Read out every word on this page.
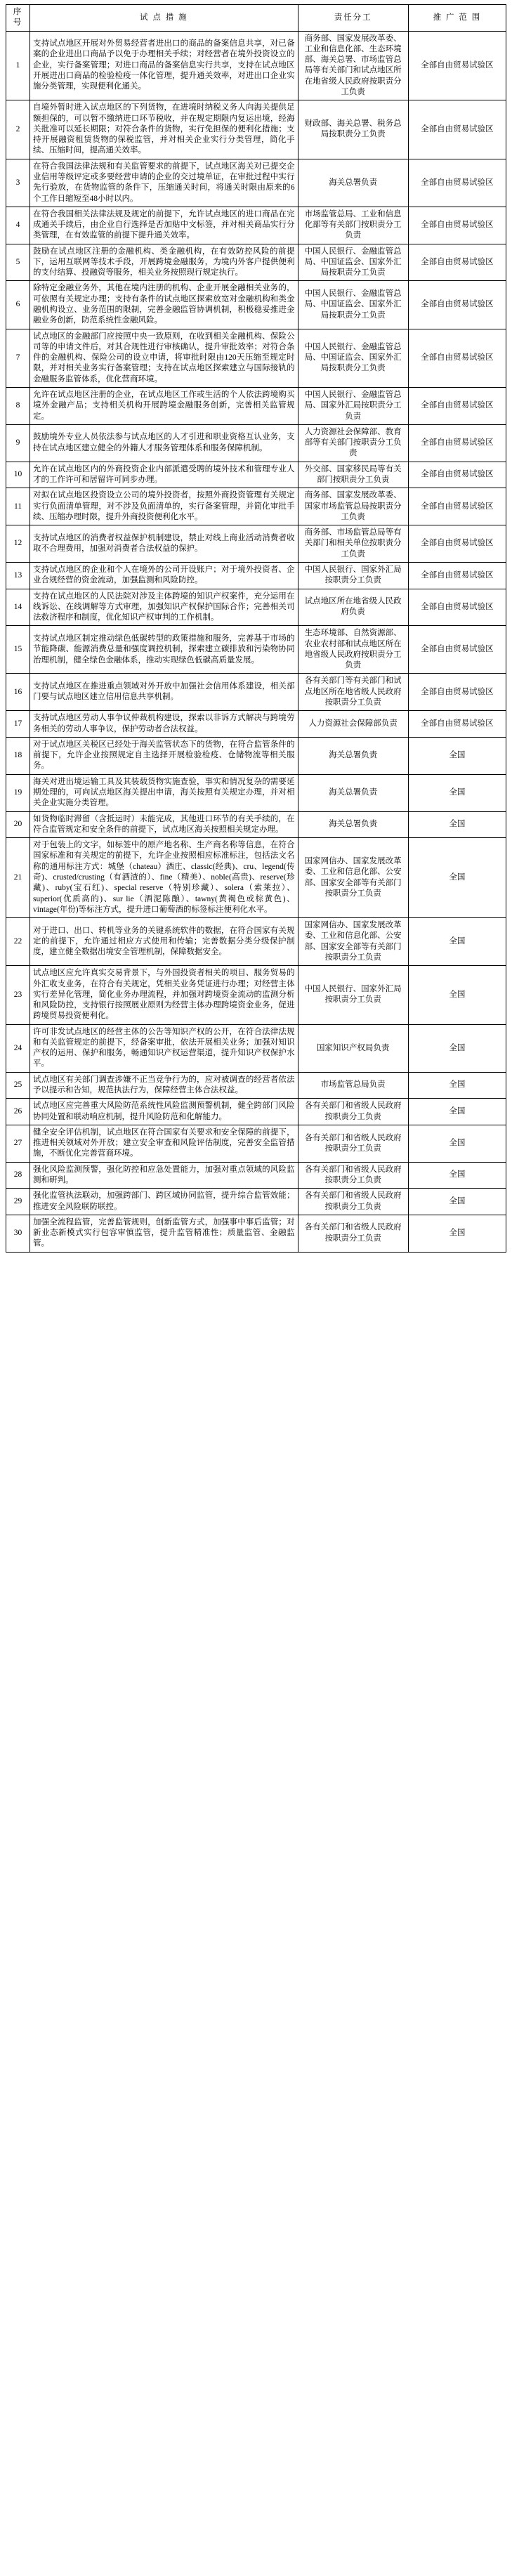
序号	试 点 措 施	责任分工	推 广 范 围
1	支持试点地区开展对外贸易经营者进出口的商品的备案信息共享，对已备案的企业进出口商品予以免于办理相关手续；对经营者在境外投资设立的企业，实行备案管理；对进口商品的备案信息实行共享，支持在试点地区开展进出口商品的检验检疫一体化管理，提升通关效率，对进出口企业实施分类管理，实现便利化通关。	商务部、国家发展改革委、工业和信息化部、生态环境部、海关总署、市场监管总局等有关部门和试点地区所在地省级人民政府按职责分工负责	全部自由贸易试验区
2	自境外暂时进入试点地区的下列货物，在进境时纳税义务人向海关提供足额担保的，可以暂不缴纳进口环节税收，并在规定期限内复运出境，经海关批准可以延长期限；对符合条件的货物，实行免担保的便利化措施；支持开展融资租赁货物的保税监管，并对相关企业实行分类管理，简化手续、压缩时间，提高通关效率。	财政部、海关总署、税务总局按职责分工负责	全部自由贸易试验区
3	在符合我国法律法规和有关监管要求的前提下，试点地区海关对已提交企业信用等级评定或多要经营申请的企业的交过境单证，在审批过程中实行先行验放，在货物监管的条件下，压缩通关时间，将通关时限由原来的6个工作日缩短至48小时以内。	海关总署负责	全部自由贸易试验区
4	在符合我国相关法律法规及规定的前提下，允许试点地区的进口商品在完成通关手续后，由企业自行选择是否加贴中文标签，并对相关商品实行分类管理，在有效监管的前提下提升通关效率。	市场监管总局、工业和信息化部等有关部门按职责分工负责	全部自由贸易试验区
5	鼓励在试点地区注册的金融机构、类金融机构，在有效防控风险的前提下，运用互联网等技术手段，开展跨境金融服务，为境内外客户提供便利的支付结算、投融资等服务，相关业务按照现行规定执行。	中国人民银行、金融监管总局、中国证监会、国家外汇局按职责分工负责	全部自由贸易试验区
6	除特定金融业务外，其他在境内注册的机构、企业开展金融相关业务的，可依照有关规定办理；支持有条件的试点地区探索放宽对金融机构和类金融机构设立、业务范围的限制，完善金融监管协调机制，积极稳妥推进金融业务创新，防范系统性金融风险。	中国人民银行、金融监管总局、中国证监会、国家外汇局按职责分工负责	全部自由贸易试验区
7	试点地区的金融部门应按照中央一致原则，在收到相关金融机构、保险公司等的申请文件后，对其合规性进行审核确认，提升审批效率；对符合条件的金融机构、保险公司的设立申请，将审批时限由120天压缩至规定时限，并对相关业务实行备案管理；支持在试点地区探索建立与国际接轨的金融服务监管体系，优化营商环境。	中国人民银行、金融监管总局、中国证监会、国家外汇局按职责分工负责	全部自由贸易试验区
8	允许在试点地区注册的企业，在试点地区工作或生活的个人依法跨境购买境外金融产品；支持相关机构开展跨境金融服务创新，完善相关监管规定。	中国人民银行、金融监管总局、国家外汇局按职责分工负责	全部自由贸易试验区
9	鼓励境外专业人员依法参与试点地区的人才引进和职业资格互认业务，支持在试点地区建立健全的外籍人才服务管理体系和服务保障机制。	人力资源社会保障部、教育部等有关部门按职责分工负责	全部自由贸易试验区
10	允许在试点地区内的外商投资企业内部派遣受聘的境外技术和管理专业人才的工作许可和居留许可同步办理。	外交部、国家移民局等有关部门按职责分工负责	全部自由贸易试验区
11	对拟在试点地区投资设立公司的境外投资者，按照外商投资管理有关规定实行负面清单管理，对不涉及负面清单的，实行备案管理，并简化审批手续、压缩办理时限，提升外商投资便利化水平。	商务部、国家发展改革委、国家市场监管总局按职责分工负责	全部自由贸易试验区
12	支持试点地区的消费者权益保护机制建设，禁止对线上商业活动消费者收取不合理费用，加强对消费者合法权益的保护。	商务部、市场监管总局等有关部门和相关单位按职责分工负责	全部自由贸易试验区
13	支持试点地区的企业和个人在境外的公司开设账户；对于境外投资者、企业合规经营的资金流动，加强监测和风险防控。	中国人民银行、国家外汇局按职责分工负责	全部自由贸易试验区
14	支持在试点地区的人民法院对涉及主体跨境的知识产权案件，充分运用在线诉讼、在线调解等方式审理，加强知识产权保护国际合作；完善相关司法救济程序和制度，优化知识产权审判的工作机制。	试点地区所在地省级人民政府负责	全部自由贸易试验区
15	支持试点地区制定推动绿色低碳转型的政策措施和服务，完善基于市场的节能降碳、能源消费总量和强度调控机制，探索建立碳排放和污染物协同治理机制，健全绿色金融体系，推动实现绿色低碳高质量发展。	生态环境部、自然资源部、农业农村部和试点地区所在地省级人民政府按职责分工负责	全部自由贸易试验区
16	支持试点地区在推进重点领域对外开放中加强社会信用体系建设，相关部门要与试点地区建立信用信息共享机制。	各有关部门等有关部门和试点地区所在地省级人民政府按职责分工负责	全部自由贸易试验区
17	支持试点地区劳动人事争议仲裁机构建设，探索以非诉方式解决与跨境劳务相关的劳动人事争议，保护劳动者合法权益。	人力资源社会保障部负责	全部自由贸易试验区
18	对于试点地区关税区已经处于海关监管状态下的货物，在符合监管条件的前提下，允许企业按照规定自主选择开展检验检疫、仓储物流等相关服务。	海关总署负责	全国
19	海关对进出境运输工具及其装载货物实施查验，事实和情况复杂的需要延期处理的，可向试点地区海关提出申请，海关按照有关规定办理，并对相关企业实施分类管理。	海关总署负责	全国
20	如货物临时滞留（含抵运时）未能完成，其他进口环节的有关手续的，在符合监管规定和安全条件的前提下，试点地区海关按照相关规定办理。	海关总署负责	全国
21	对于包装上的文字，如标签中的原产地名称、生产商名称等信息，在符合国家标准和有关规定的前提下，允许企业按照相应标准标注，包括法文名称的通用标注方式：城堡（chateau）酒庄、classic(经典)、cru、legend(传奇)、crusted/crusting（有酒渣的）、fine（精美）、noble(高贵)、reserve(珍藏)、ruby(宝石红)、special reserve（特别珍藏）、solera（索莱拉）、superior(优质高的)、sur lie（酒泥陈酿）、tawny(黄褐色或棕黄色)、vintage(年份)等标注方式，提升进口葡萄酒的标签标注便利化水平。	国家网信办、国家发展改革委、工业和信息化部、公安部、国家安全部等有关部门按职责分工负责	全国
22	对于进口、出口、转机等业务的关键系统软件的数据，在符合国家有关规定的前提下，允许通过相应方式使用和传输；完善数据分类分级保护制度，建立健全数据出境安全管理机制，保障数据安全。	国家网信办、国家发展改革委、工业和信息化部、公安部、国家安全部等有关部门按职责分工负责	全国
23	试点地区应允许真实交易背景下，与外国投资者相关的项目、服务贸易的外汇收支业务，在符合有关规定，凭相关业务凭证进行办理；对经营主体实行差异化管理，简化业务办理流程，并加强对跨境资金流动的监测分析和风险防控，支持银行按照展业原则为经营主体办理跨境资金业务，促进跨境贸易投资便利化。	中国人民银行、国家外汇局按职责分工负责	全国
24	许可非发试点地区的经营主体的公告等知识产权的公开，在符合法律法规和有关监管规定的前提下，经备案审批，依法开展相关业务；加强对知识产权的运用、保护和服务，畅通知识产权运营渠道，提升知识产权保护水平。	国家知识产权局负责	全国
25	试点地区有关部门调查涉嫌不正当竞争行为的，应对被调查的经营者依法予以提示和告知，规范执法行为，保障经营主体合法权益。	市场监管总局负责	全国
26	试点地区应完善重大风险防范系统性风险监测预警机制，健全跨部门风险协同处置和联动响应机制，提升风险防范和化解能力。	各有关部门和省级人民政府按职责分工负责	全国
27	健全安全评估机制，试点地区在符合国家有关要求和安全保障的前提下，推进相关领域对外开放；建立安全审查和风险评估制度，完善安全监管措施，不断优化完善营商环境。	各有关部门和省级人民政府按职责分工负责	全国
28	强化风险监测预警，强化防控和应急处置能力，加强对重点领域的风险监测和研判。	各有关部门和省级人民政府按职责分工负责	全国
29	强化监管执法联动，加强跨部门、跨区域协同监管，提升综合监管效能；推进安全风险联防联控。	各有关部门和省级人民政府按职责分工负责	全国
30	加强全流程监管，完善监管规则，创新监管方式，加强事中事后监管；对新业态新模式实行包容审慎监管，提升监管精准性；质量监管、金融监管。	各有关部门和省级人民政府按职责分工负责	全国
